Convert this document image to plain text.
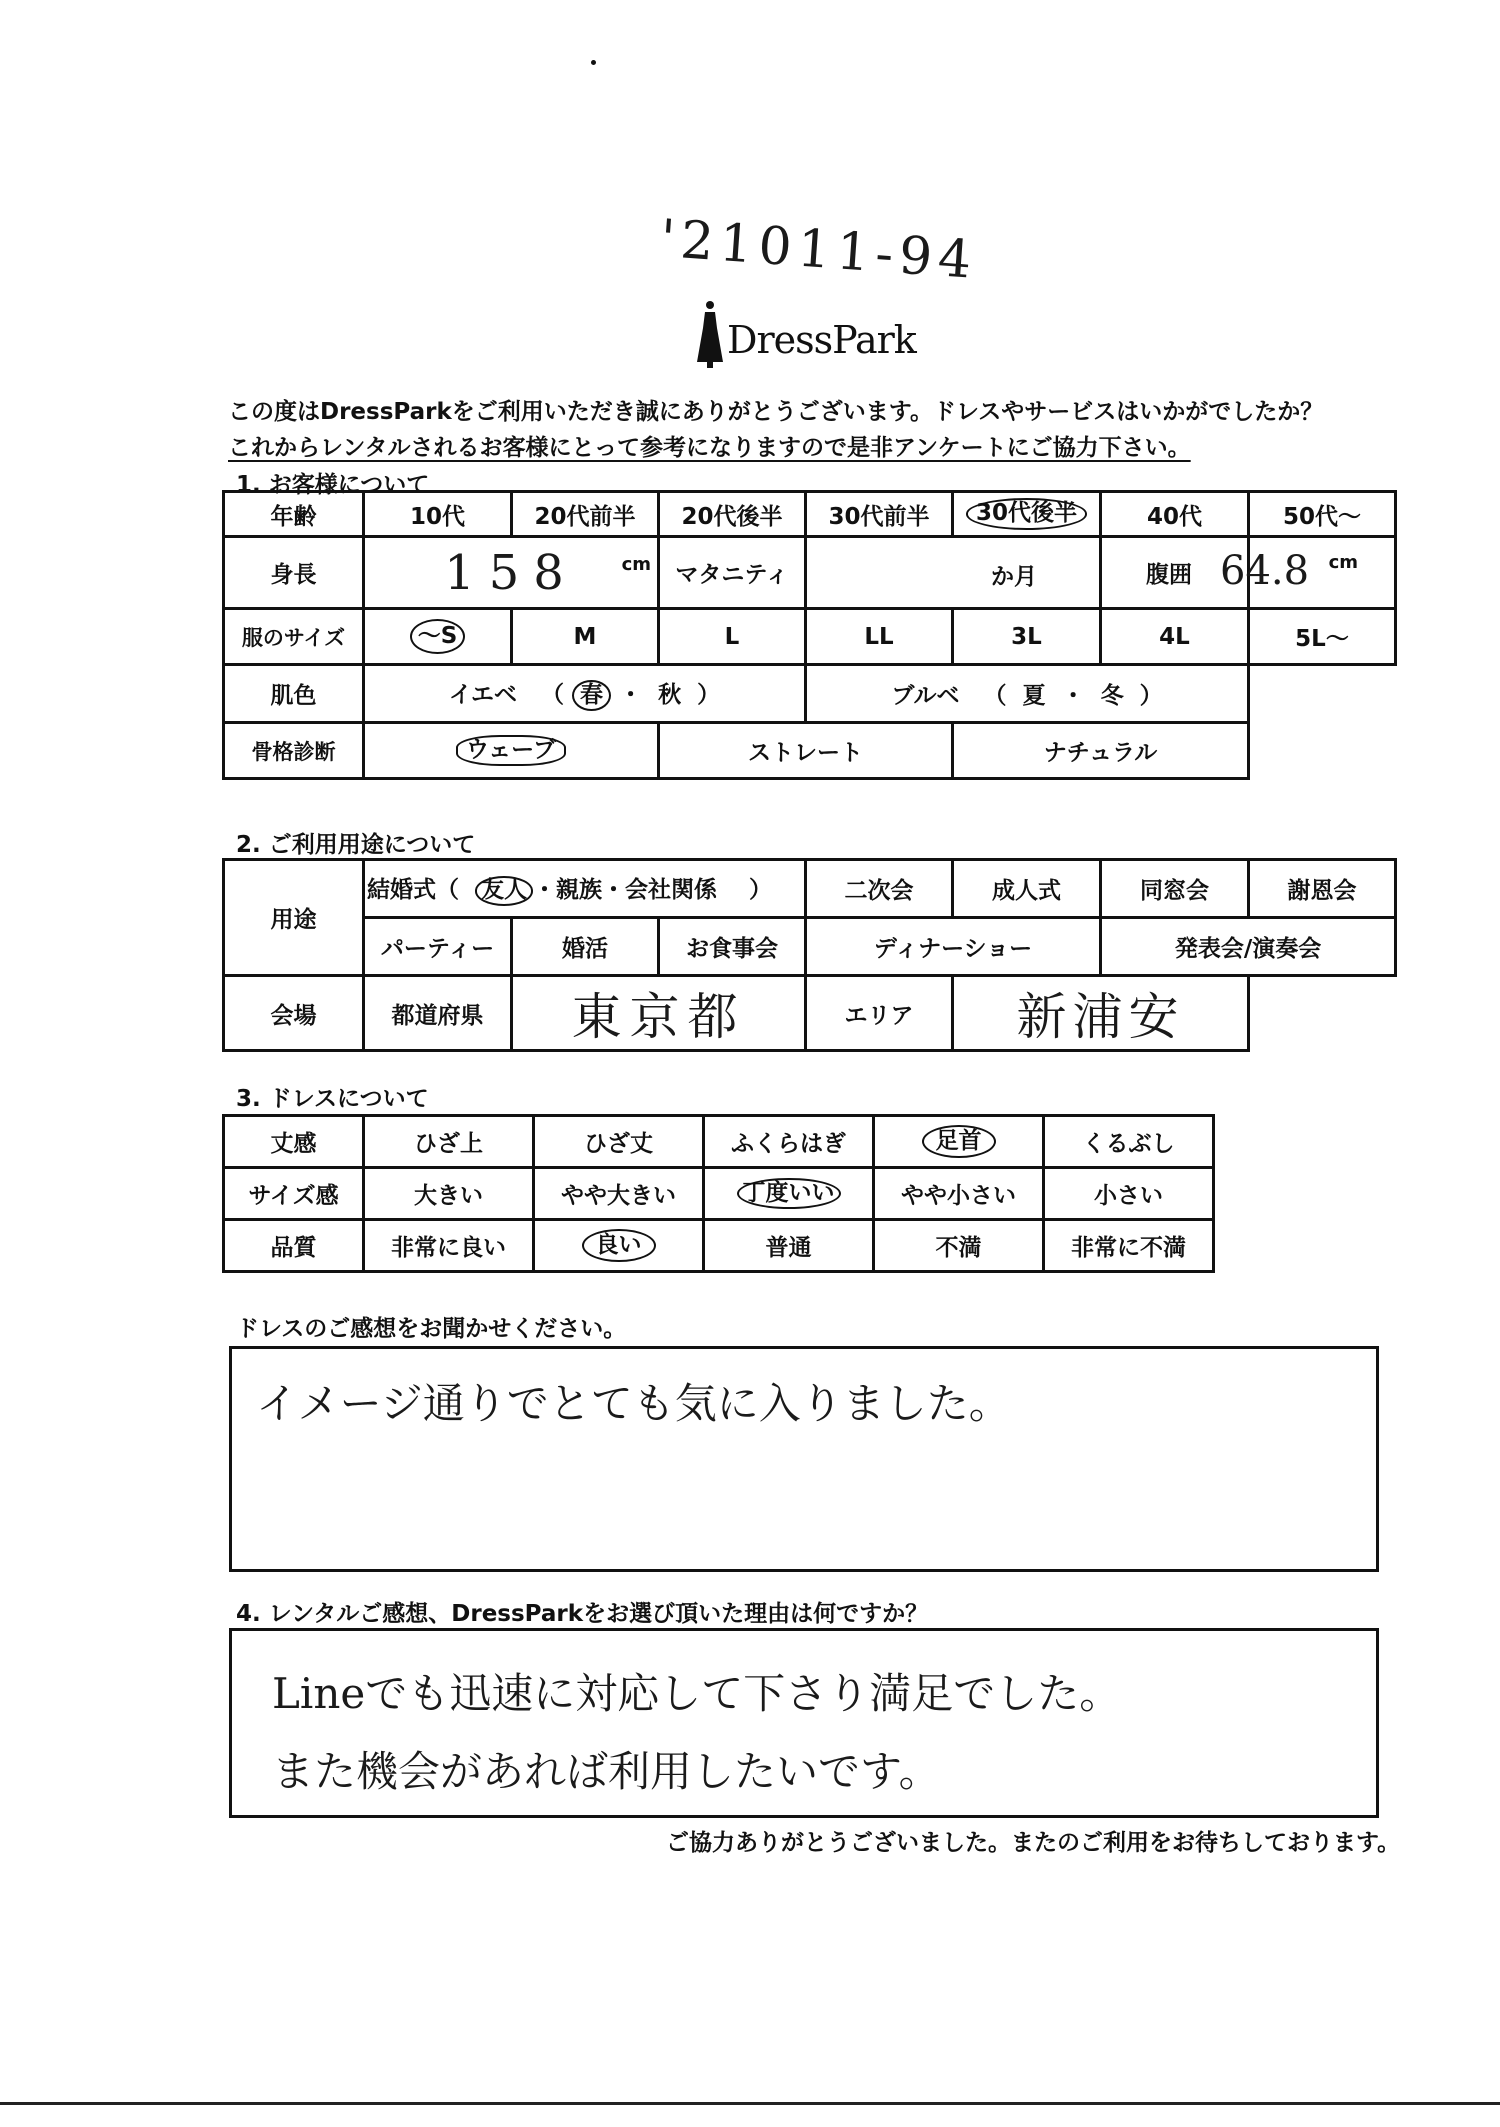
'21011-94
DressPark
この度はDressParkをご利用いただき誠にありがとうございます。ドレスやサービスはいかがでしたか？
これからレンタルされるお客様にとって参考になりますので是非アンケートにご協力下さい。
1. お客様について
年齢	10代	20代前半	20代後半	30代前半	30代後半	40代	50代～
身長	158 cm		マタニティ	か月		腹囲	64.8 cm

服のサイズ	～S	M	L	LL	3L	4L	5L～
肌色	イエベ （ 春 ・ 秋 ）			ブルベ （ 夏 ・ 冬 ）			
骨格診断	ウェーブ		ストレート		ナチュラル		
2. ご利用用途について
用途	結婚式（ 友人 ・親族・会社関係 ）			二次会	成人式	同窓会	謝恩会
	パーティー	婚活	お食事会	ディナーショー		発表会/演奏会	
会場	都道府県	東京都		エリア	新浦安		
3. ドレスについて
丈感	ひざ上	ひざ丈	ふくらはぎ	足首	くるぶし
サイズ感	大きい	やや大きい	丁度いい	やや小さい	小さい
品質	非常に良い	良い	普通	不満	非常に不満
ドレスのご感想をお聞かせください。
イメージ通りでとても気に入りました。
4. レンタルご感想、DressParkをお選び頂いた理由は何ですか？
Lineでも迅速に対応して下さり満足でした。
また機会があれば利用したいです。
ご協力ありがとうございました。またのご利用をお待ちしております。
